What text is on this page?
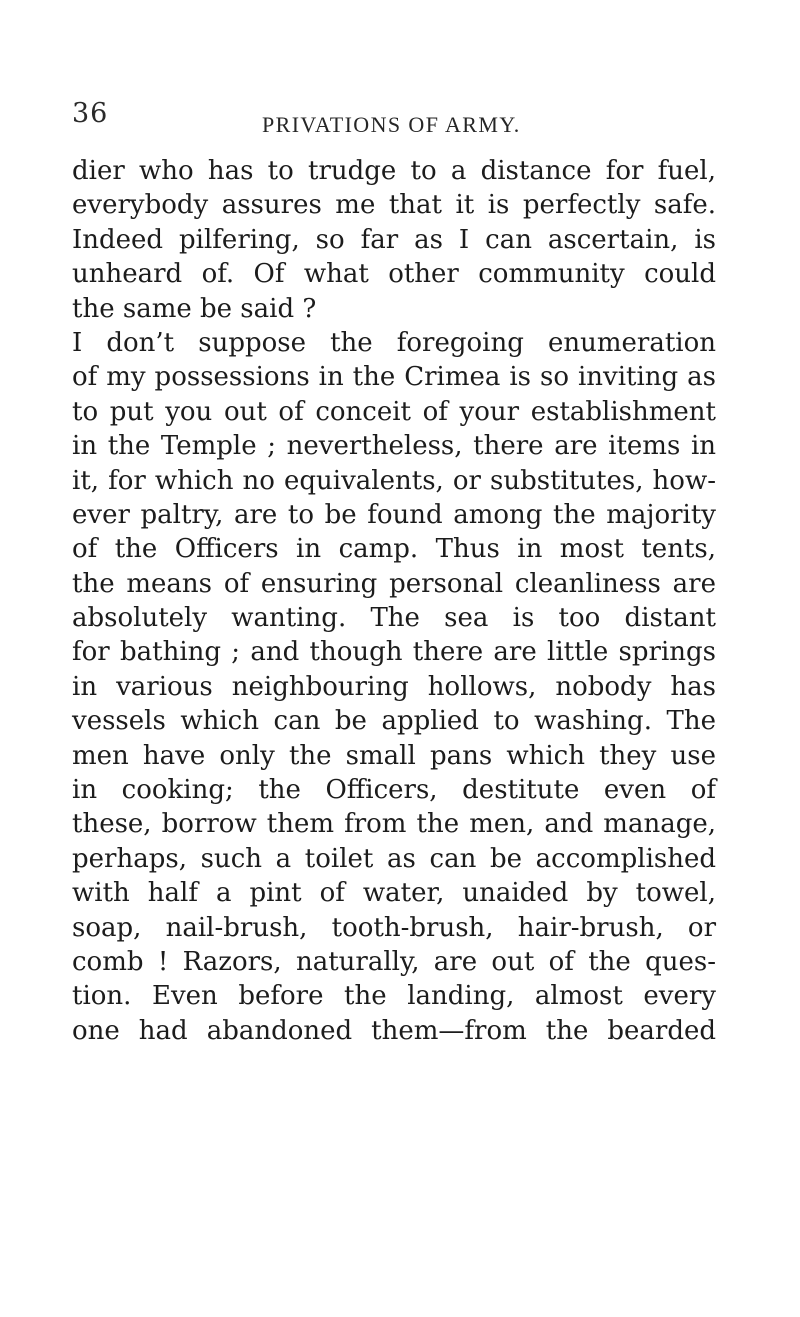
36	PRIVATIONS OF ARMY.
dier who has to trudge to a distance for fuel,
everybody assures me that it is perfectly safe.
Indeed pilfering, so far as I can ascertain, is
unheard of. Of what other community could
the same be said ?
I don’t suppose the foregoing enumeration
of my possessions in the Crimea is so inviting as
to put you out of conceit of your establishment
in the Temple ; nevertheless, there are items in
it, for which no equivalents, or substitutes, how-
ever paltry, are to be found among the majority
of the Officers in camp. Thus in most tents,
the means of ensuring personal cleanliness are
absolutely wanting. The sea is too distant
for bathing ; and though there are little springs
in various neighbouring hollows, nobody has
vessels which can be applied to washing. The
men have only the small pans which they use
in cooking; the Officers, destitute even of
these, borrow them from the men, and manage,
perhaps, such a toilet as can be accomplished
with half a pint of water, unaided by towel,
soap, nail-brush, tooth-brush, hair-brush, or
comb ! Razors, naturally, are out of the ques-
tion. Even before the landing, almost every
one had abandoned them—from the bearded
